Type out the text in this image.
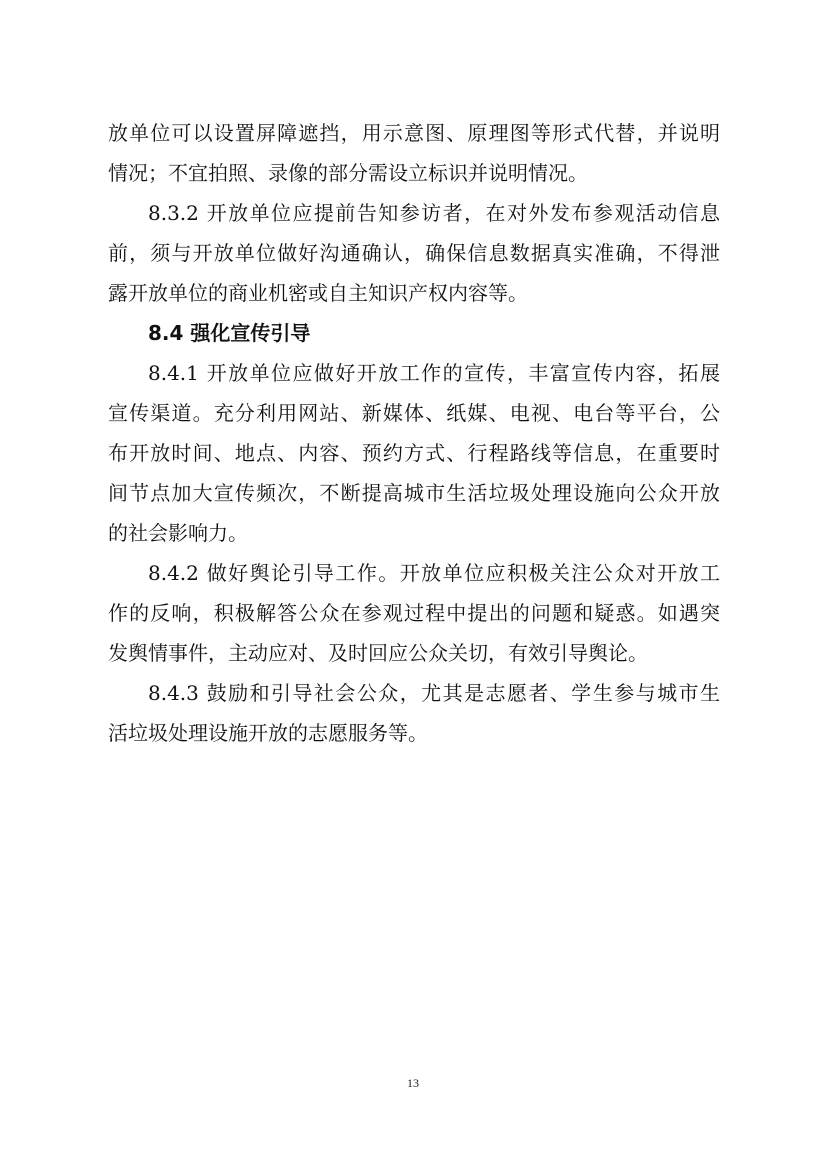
放单位可以设置屏障遮挡，用示意图、原理图等形式代替，并说明
情况；不宜拍照、录像的部分需设立标识并说明情况。
8.3.2 开放单位应提前告知参访者，在对外发布参观活动信息
前，须与开放单位做好沟通确认，确保信息数据真实准确，不得泄
露开放单位的商业机密或自主知识产权内容等。
8.4 强化宣传引导
8.4.1 开放单位应做好开放工作的宣传，丰富宣传内容，拓展
宣传渠道。充分利用网站、新媒体、纸媒、电视、电台等平台，公
布开放时间、地点、内容、预约方式、行程路线等信息，在重要时
间节点加大宣传频次，不断提高城市生活垃圾处理设施向公众开放
的社会影响力。
8.4.2 做好舆论引导工作。开放单位应积极关注公众对开放工
作的反响，积极解答公众在参观过程中提出的问题和疑惑。如遇突
发舆情事件，主动应对、及时回应公众关切，有效引导舆论。
8.4.3 鼓励和引导社会公众，尤其是志愿者、学生参与城市生
活垃圾处理设施开放的志愿服务等。
13
